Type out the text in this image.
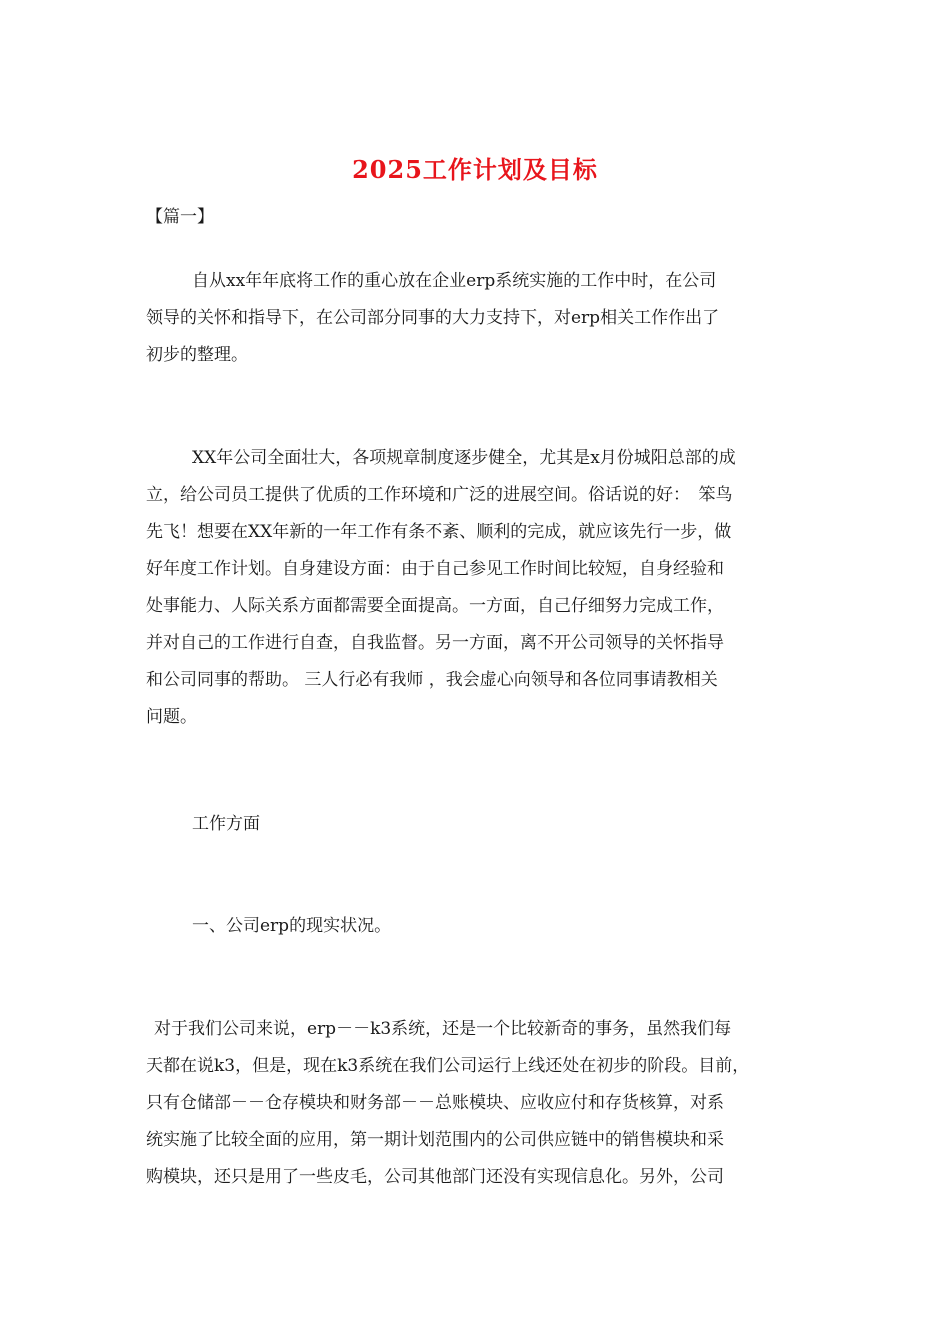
2025工作计划及目标

【篇一】

自从xx年年底将工作的重心放在企业erp系统实施的工作中时，在公司
领导的关怀和指导下，在公司部分同事的大力支持下，对erp相关工作作出了
初步的整理。

XX年公司全面壮大，各项规章制度逐步健全，尤其是x月份城阳总部的成
立，给公司员工提供了优质的工作环境和广泛的进展空间。俗话说的好：　笨鸟
先飞！想要在XX年新的一年工作有条不紊、顺利的完成，就应该先行一步，做
好年度工作计划。自身建设方面：由于自己参见工作时间比较短，自身经验和
处事能力、人际关系方面都需要全面提高。一方面，自己仔细努力完成工作，
并对自己的工作进行自查，自我监督。另一方面，离不开公司领导的关怀指导
和公司同事的帮助。 三人行必有我师 ，我会虚心向领导和各位同事请教相关
问题。

工作方面

一、公司erp的现实状况。

对于我们公司来说，erp－－k3系统，还是一个比较新奇的事务，虽然我们每
天都在说k3，但是，现在k3系统在我们公司运行上线还处在初步的阶段。目前，
只有仓储部－－仓存模块和财务部－－总账模块、应收应付和存货核算，对系
统实施了比较全面的应用，第一期计划范围内的公司供应链中的销售模块和采
购模块，还只是用了一些皮毛，公司其他部门还没有实现信息化。另外，公司
